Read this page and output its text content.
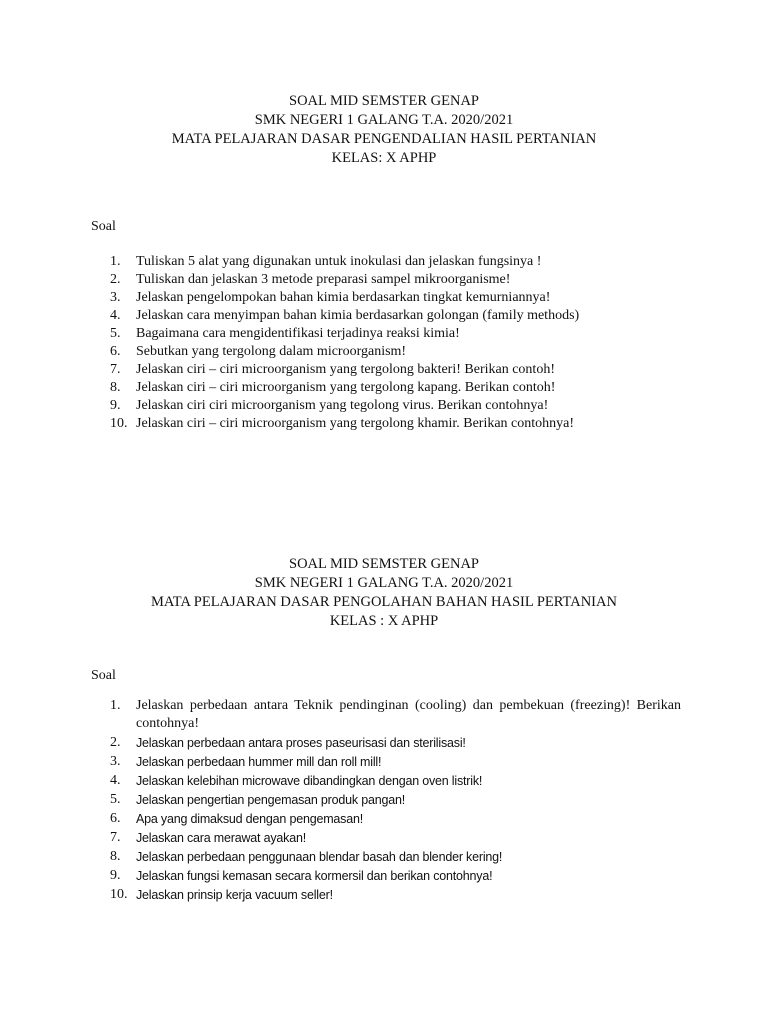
SOAL MID SEMSTER GENAP
SMK NEGERI 1 GALANG T.A. 2020/2021
MATA PELAJARAN DASAR PENGENDALIAN HASIL PERTANIAN
KELAS: X APHP
Soal
1.	Tuliskan 5 alat yang digunakan untuk inokulasi dan jelaskan fungsinya !
2.	Tuliskan dan jelaskan 3 metode preparasi sampel mikroorganisme!
3.	Jelaskan pengelompokan bahan kimia berdasarkan tingkat kemurniannya!
4.	Jelaskan cara menyimpan bahan kimia berdasarkan golongan (family methods)
5.	Bagaimana cara mengidentifikasi terjadinya reaksi kimia!
6.	Sebutkan yang tergolong dalam microorganism!
7.	Jelaskan ciri – ciri microorganism yang tergolong bakteri! Berikan contoh!
8.	Jelaskan ciri – ciri microorganism yang tergolong kapang. Berikan contoh!
9.	Jelaskan ciri ciri microorganism yang tegolong virus. Berikan contohnya!
10. Jelaskan ciri – ciri microorganism yang tergolong khamir. Berikan contohnya!
SOAL MID SEMSTER GENAP
SMK NEGERI 1 GALANG T.A. 2020/2021
MATA PELAJARAN DASAR PENGOLAHAN BAHAN HASIL PERTANIAN
KELAS : X APHP
Soal
1.	Jelaskan perbedaan antara Teknik pendinginan (cooling) dan pembekuan (freezing)! Berikan contohnya!
2.	Jelaskan perbedaan antara proses paseurisasi dan sterilisasi!
3.	Jelaskan perbedaan hummer mill dan roll mill!
4.	Jelaskan kelebihan microwave dibandingkan dengan oven listrik!
5.	Jelaskan pengertian pengemasan produk pangan!
6.	Apa yang dimaksud dengan pengemasan!
7.	Jelaskan cara merawat ayakan!
8.	Jelaskan perbedaan penggunaan blendar basah dan blender kering!
9.	Jelaskan fungsi kemasan secara kormersil dan berikan contohnya!
10. Jelaskan prinsip kerja vacuum seller!
